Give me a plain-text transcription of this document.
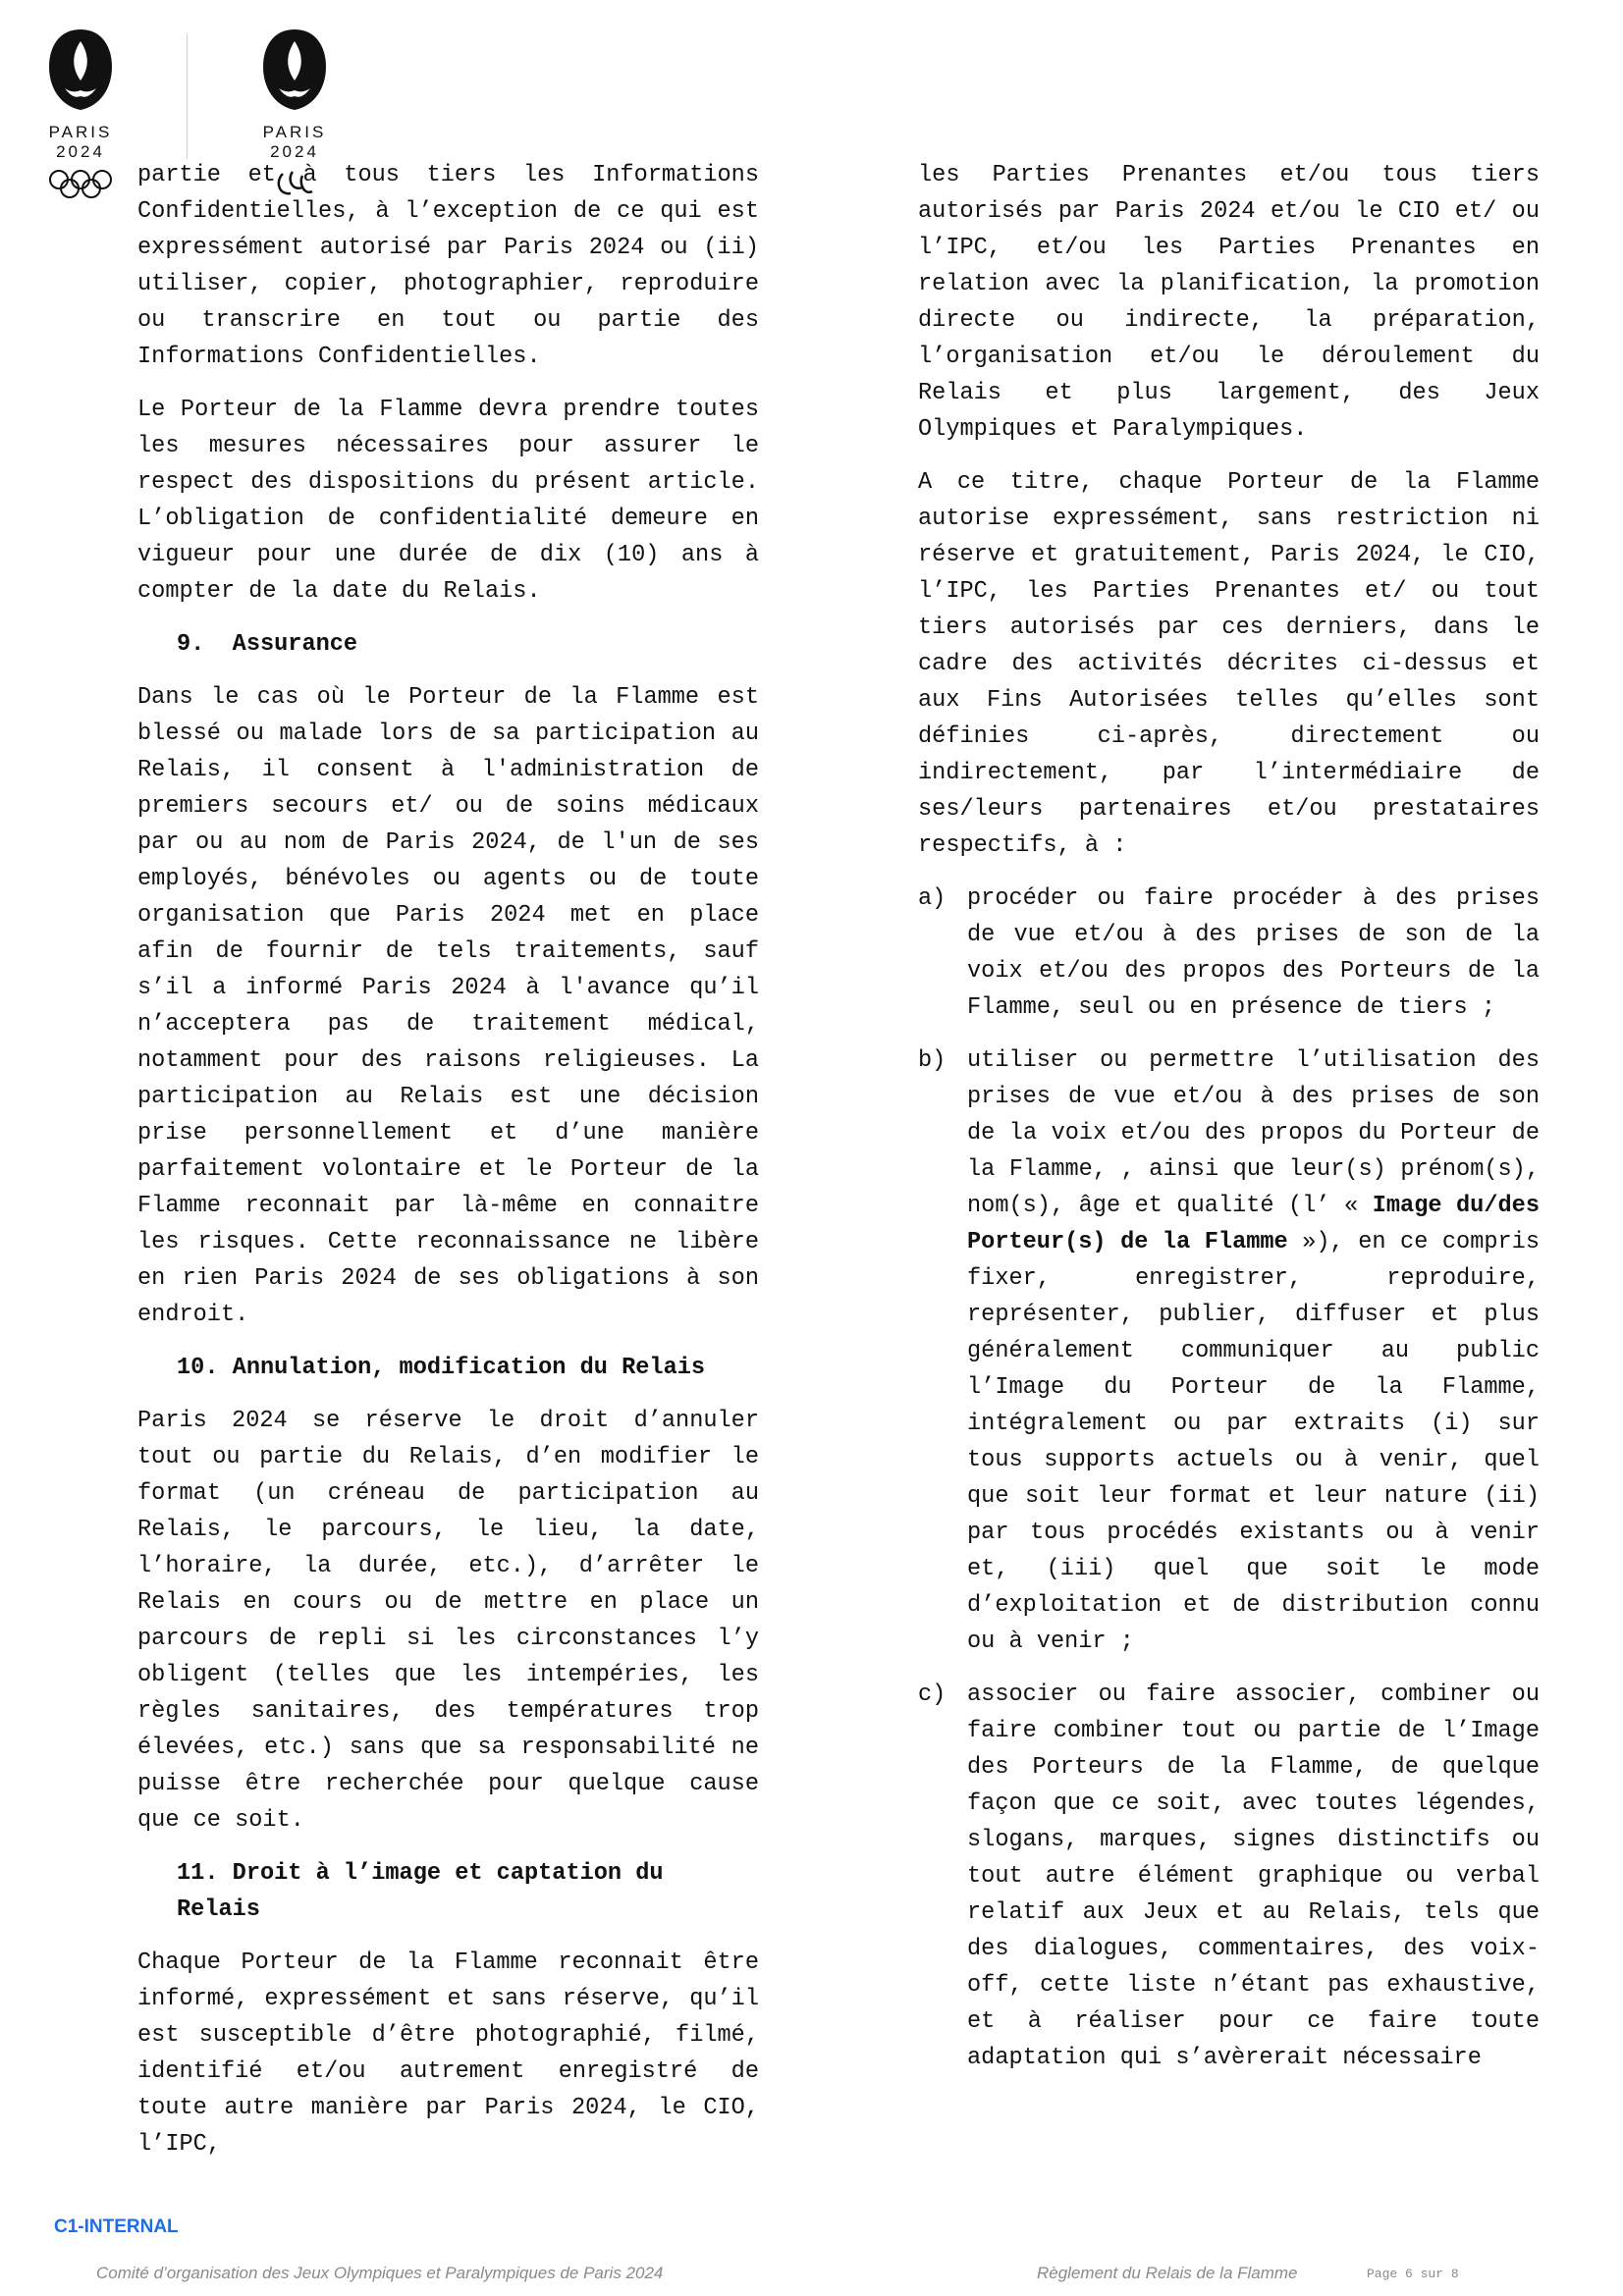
PARIS 2024
PARIS 2024

partie et à tous tiers les Informations Confidentielles, à l’exception de ce qui est expressément autorisé par Paris 2024 ou (ii) utiliser, copier, photographier, reproduire ou transcrire en tout ou partie des Informations Confidentielles.

Le Porteur de la Flamme devra prendre toutes les mesures nécessaires pour assurer le respect des dispositions du présent article. L’obligation de confidentialité demeure en vigueur pour une durée de dix (10) ans à compter de la date du Relais.

9. Assurance

Dans le cas où le Porteur de la Flamme est blessé ou malade lors de sa participation au Relais, il consent à l'administration de premiers secours et/ ou de soins médicaux par ou au nom de Paris 2024, de l'un de ses employés, bénévoles ou agents ou de toute organisation que Paris 2024 met en place afin de fournir de tels traitements, sauf s’il a informé Paris 2024 à l'avance qu’il n’acceptera pas de traitement médical, notamment pour des raisons religieuses. La participation au Relais est une décision prise personnellement et d’une manière parfaitement volontaire et le Porteur de la Flamme reconnait par là-même en connaitre les risques. Cette reconnaissance ne libère en rien Paris 2024 de ses obligations à son endroit.

10. Annulation, modification du Relais

Paris 2024 se réserve le droit d’annuler tout ou partie du Relais, d’en modifier le format (un créneau de participation au Relais, le parcours, le lieu, la date, l’horaire, la durée, etc.), d’arrêter le Relais en cours ou de mettre en place un parcours de repli si les circonstances l’y obligent (telles que les intempéries, les règles sanitaires, des températures trop élevées, etc.) sans que sa responsabilité ne puisse être recherchée pour quelque cause que ce soit.

11. Droit à l’image et captation du Relais

Chaque Porteur de la Flamme reconnait être informé, expressément et sans réserve, qu’il est susceptible d’être photographié, filmé, identifié et/ou autrement enregistré de toute autre manière par Paris 2024, le CIO, l’IPC,

les Parties Prenantes et/ou tous tiers autorisés par Paris 2024 et/ou le CIO et/ ou l’IPC, et/ou les Parties Prenantes en relation avec la planification, la promotion directe ou indirecte, la préparation, l’organisation et/ou le déroulement du Relais et plus largement, des Jeux Olympiques et Paralympiques.

A ce titre, chaque Porteur de la Flamme autorise expressément, sans restriction ni réserve et gratuitement, Paris 2024, le CIO, l’IPC, les Parties Prenantes et/ ou tout tiers autorisés par ces derniers, dans le cadre des activités décrites ci-dessus et aux Fins Autorisées telles qu’elles sont définies ci-après, directement ou indirectement, par l’intermédiaire de ses/leurs partenaires et/ou prestataires respectifs, à :

a) procéder ou faire procéder à des prises de vue et/ou à des prises de son de la voix et/ou des propos des Porteurs de la Flamme, seul ou en présence de tiers ;
b) utiliser ou permettre l’utilisation des prises de vue et/ou à des prises de son de la voix et/ou des propos du Porteur de la Flamme, , ainsi que leur(s) prénom(s), nom(s), âge et qualité (l’ « Image du/des Porteur(s) de la Flamme »), en ce compris fixer, enregistrer, reproduire, représenter, publier, diffuser et plus généralement communiquer au public l’Image du Porteur de la Flamme, intégralement ou par extraits (i) sur tous supports actuels ou à venir, quel que soit leur format et leur nature (ii) par tous procédés existants ou à venir et, (iii) quel que soit le mode d’exploitation et de distribution connu ou à venir ;
c) associer ou faire associer, combiner ou faire combiner tout ou partie de l’Image des Porteurs de la Flamme, de quelque façon que ce soit, avec toutes légendes, slogans, marques, signes distinctifs ou tout autre élément graphique ou verbal relatif aux Jeux et au Relais, tels que des dialogues, commentaires, des voix-off, cette liste n’étant pas exhaustive, et à réaliser pour ce faire toute adaptation qui s’avèrerait nécessaire
C1-INTERNAL
Comité d’organisation des Jeux Olympiques et Paralympiques de Paris 2024	Règlement du Relais de la Flamme	Page 6 sur 8
